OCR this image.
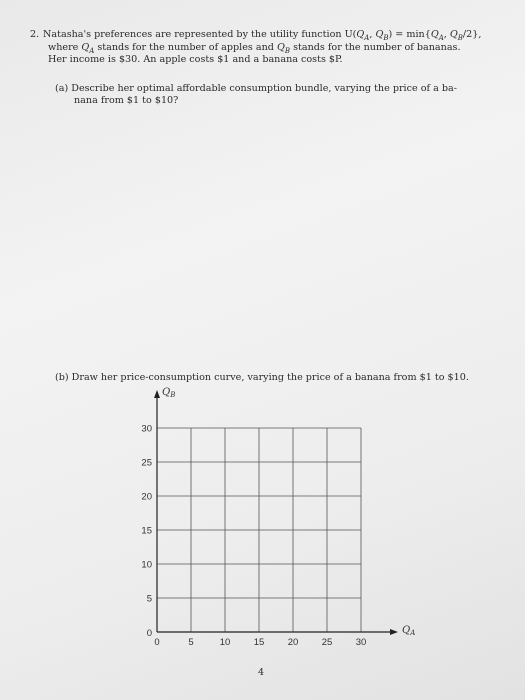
2. Natasha's preferences are represented by the utility function $U(Q_A$, $Q_B) = \min\{Q_A$, $Q_B/2$},
where $Q_A$ stands for the number of apples and $Q_B$ stands for the number of bananas.
Her income is $30. An apple costs $1 and a banana costs $P.
(a) Describe her optimal affordable consumption bundle, varying the price of a ba-
nana from $1 to $10?
(b) Draw her price-consumption curve, varying the price of a banana from $1 to $10.
$Q_B$
$Q_A$
0	5	10 15 20 25 30
5
10
15
20
25
30
0
4
